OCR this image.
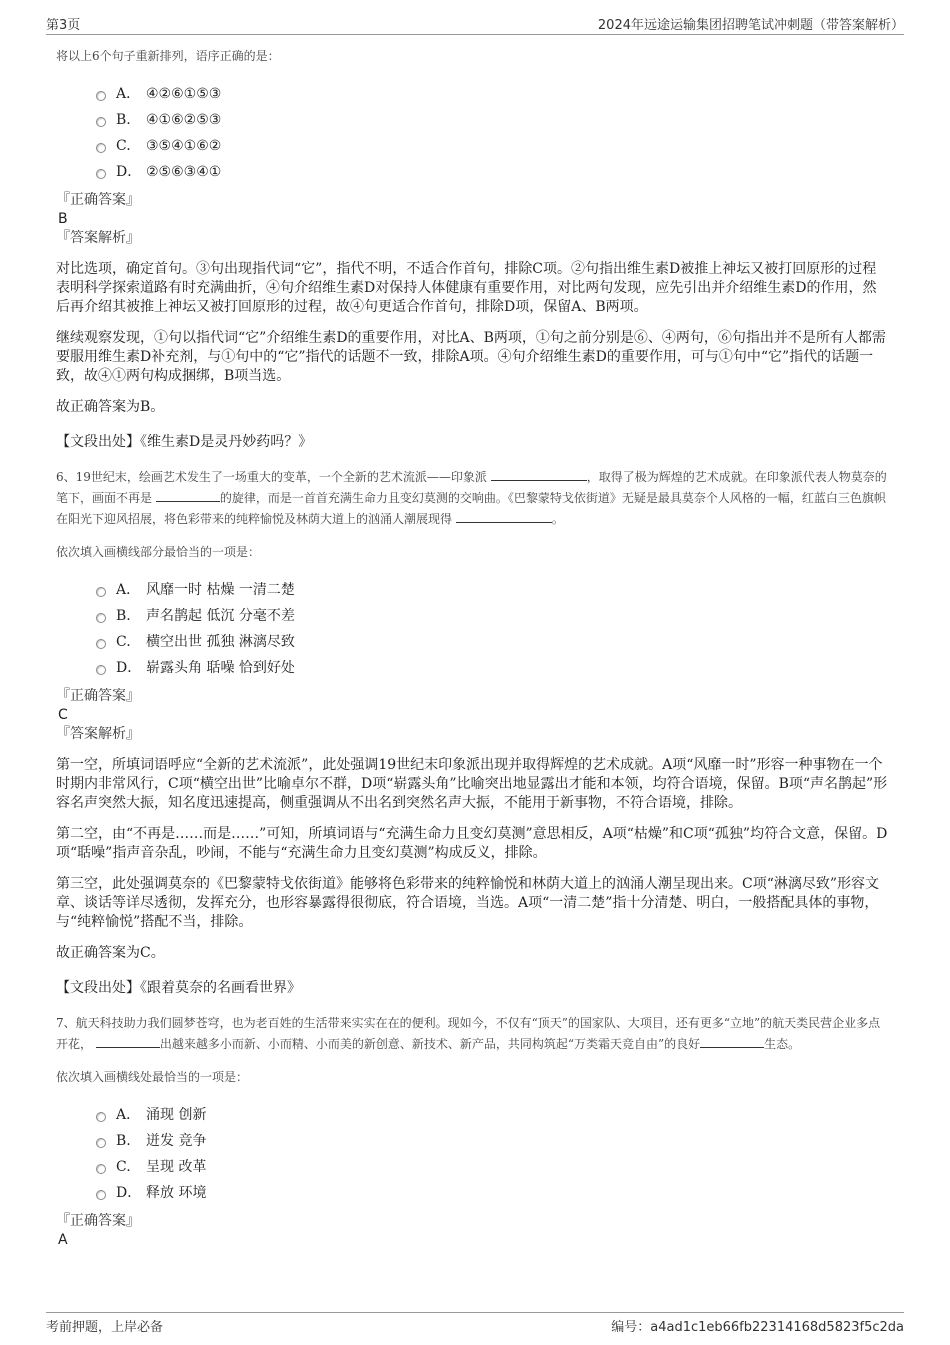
第3页	2024年远途运输集团招聘笔试冲刺题（带答案解析）
将以上6个句子重新排列，语序正确的是：
A． ④②⑥①⑤③
B.	④①⑥②⑤③
C.	③⑤④①⑥②
D． ②⑤⑥③④①
『正确答案』
B
『答案解析』

对比选项，确定首句。③句出现指代词“它”，指代不明，不适合作首句，排除C项。②句指出维生素D被推上神坛又被打回原形的过程表明科学探索道路有时充满曲折，④句介绍维生素D对保持人体健康有重要作用，对比两句发现，应先引出并介绍维生素D的作用，然后再介绍其被推上神坛又被打回原形的过程，故④句更适合作首句，排除D项，保留A、B两项。

继续观察发现，①句以指代词“它”介绍维生素D的重要作用，对比A、B两项，①句之前分别是⑥、④两句，⑥句指出并不是所有人都需要服用维生素D补充剂，与①句中的“它”指代的话题不一致，排除A项。④句介绍维生素D的重要作用，可与①句中“它”指代的话题一致，故④①两句构成捆绑，B项当选。

故正确答案为B。

【文段出处】《维生素D是灵丹妙药吗？》
6、19世纪末，绘画艺术发生了一场重大的变革，一个全新的艺术流派——印象派	，取得了极为辉煌的艺术成就。在印象派代表人物莫奈的笔下，画面不再是	的旋律，而是一首首充满生命力且变幻莫测的交响曲。《巴黎蒙特戈依街道》无疑是最具莫奈个人风格的一幅，红蓝白三色旗帜在阳光下迎风招展，将色彩带来的纯粹愉悦及林荫大道上的汹涌人潮展现得	。
依次填入画横线部分最恰当的一项是：
A． 风靡一时 枯燥 一清二楚
B.	声名鹊起 低沉 分毫不差
C.	横空出世 孤独 淋漓尽致
D． 崭露头角 聒噪 恰到好处
『正确答案』
C
『答案解析』

第一空，所填词语呼应“全新的艺术流派”，此处强调19世纪末印象派出现并取得辉煌的艺术成就。A项“风靡一时”形容一种事物在一个时期内非常风行，C项“横空出世”比喻卓尔不群，D项“崭露头角”比喻突出地显露出才能和本领，均符合语境，保留。B项“声名鹊起”形容名声突然大振，知名度迅速提高，侧重强调从不出名到突然名声大振，不能用于新事物，不符合语境，排除。

第二空，由“不再是……而是……”可知，所填词语与“充满生命力且变幻莫测”意思相反，A项“枯燥”和C项“孤独”均符合文意，保留。D项“聒噪”指声音杂乱，吵闹，不能与“充满生命力且变幻莫测”构成反义，排除。

第三空，此处强调莫奈的《巴黎蒙特戈依街道》能够将色彩带来的纯粹愉悦和林荫大道上的汹涌人潮呈现出来。C项“淋漓尽致”形容文章、谈话等详尽透彻，发挥充分，也形容暴露得很彻底，符合语境，当选。A项“一清二楚”指十分清楚、明白，一般搭配具体的事物，与“纯粹愉悦”搭配不当，排除。

故正确答案为C。

【文段出处】《跟着莫奈的名画看世界》
7、航天科技助力我们圆梦苍穹，也为老百姓的生活带来实实在在的便利。现如今，不仅有“顶天”的国家队、大项目，还有更多“立地”的航天类民营企业多点开花，	出越来越多小而新、小而精、小而美的新创意、新技术、新产品，共同构筑起“万类霜天竞自由”的良好	生态。
依次填入画横线处最恰当的一项是：
A． 涌现 创新
B.	迸发 竞争
C.	呈现 改革
D． 释放 环境
『正确答案』
A
考前押题，上岸必备	编号：a4ad1c1eb66fb22314168d5823f5c2da
